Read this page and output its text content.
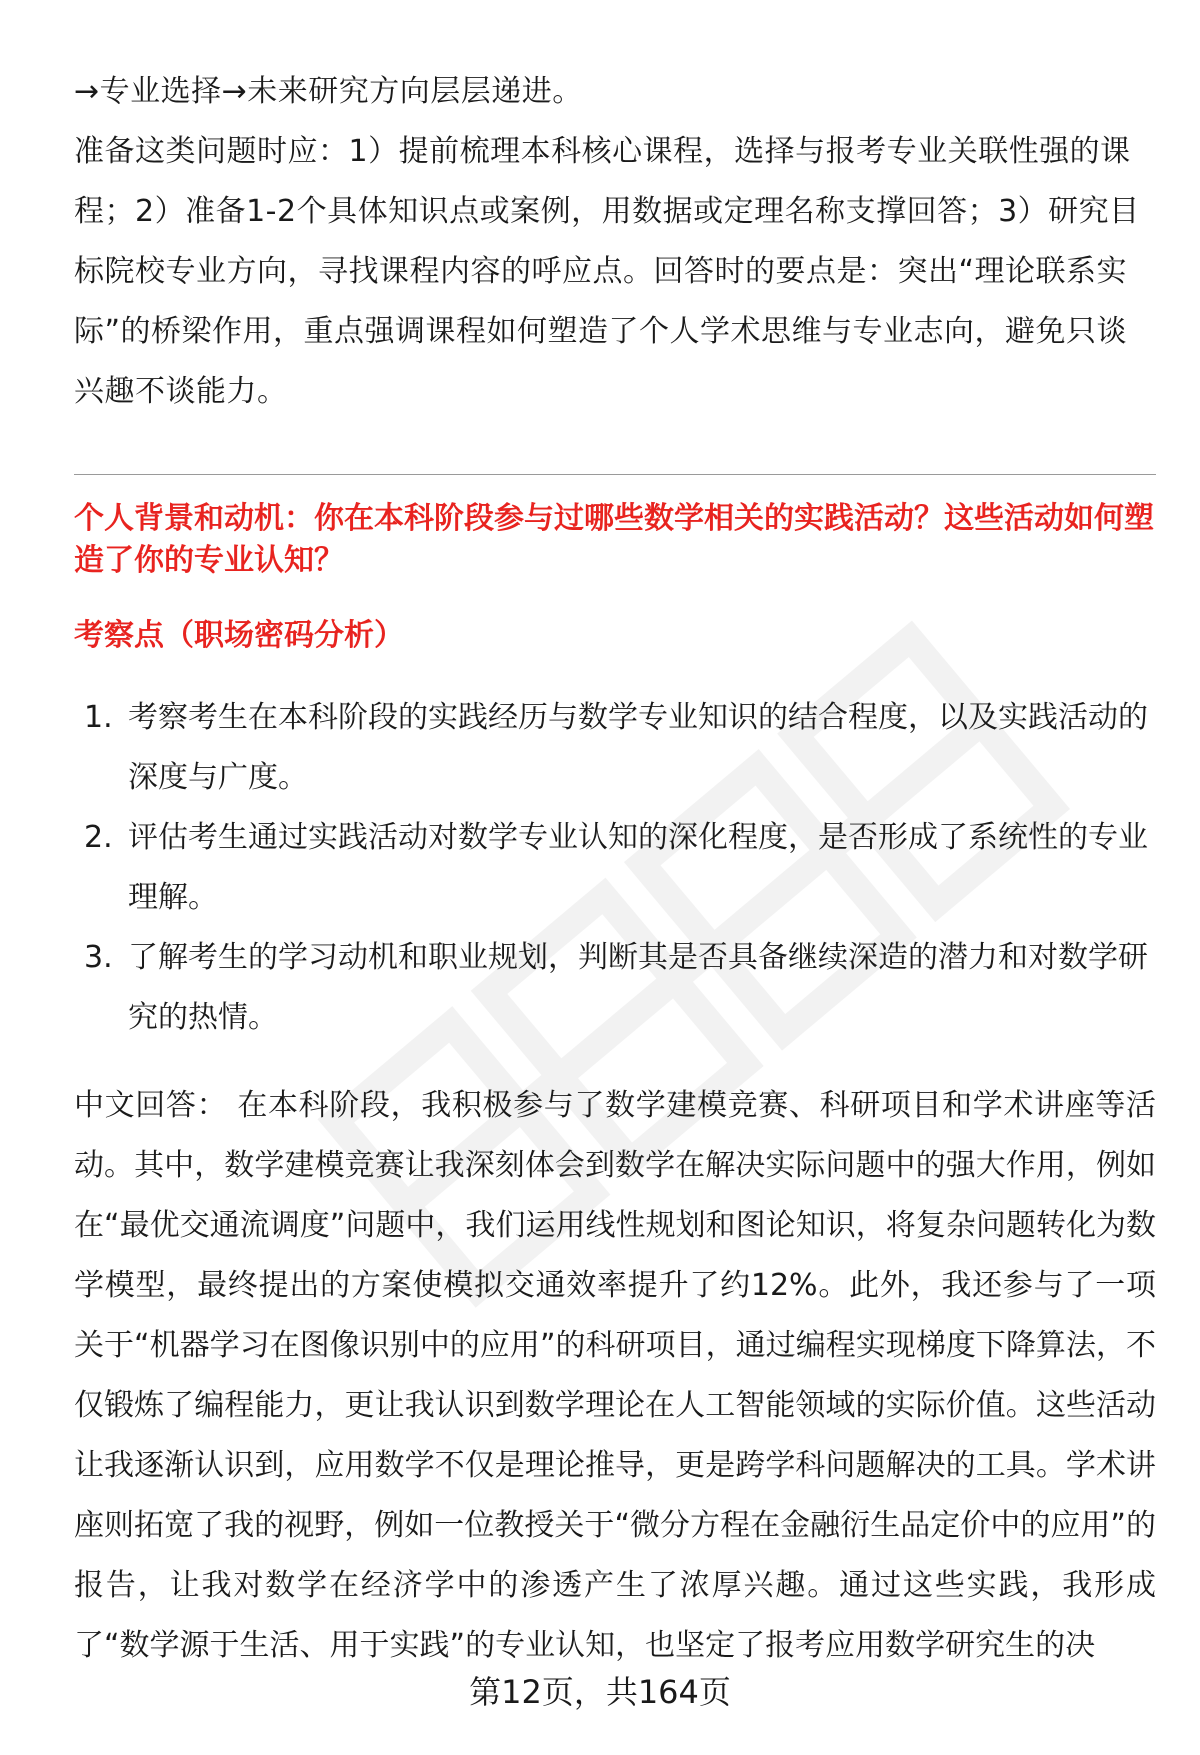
→专业选择→未来研究方向层层递进。

准备这类问题时应：1）提前梳理本科核心课程，选择与报考专业关联性强的课程；2）准备1-2个具体知识点或案例，用数据或定理名称支撑回答；3）研究目标院校专业方向，寻找课程内容的呼应点。回答时的要点是：突出“理论联系实际”的桥梁作用，重点强调课程如何塑造了个人学术思维与专业志向，避免只谈兴趣不谈能力。

个人背景和动机：你在本科阶段参与过哪些数学相关的实践活动？这些活动如何塑造了你的专业认知？
考察点（职场密码分析）
1. 考察考生在本科阶段的实践经历与数学专业知识的结合程度，以及实践活动的深度与广度。
2. 评估考生通过实践活动对数学专业认知的深化程度，是否形成了系统性的专业理解。
3. 了解考生的学习动机和职业规划，判断其是否具备继续深造的潜力和对数学研究的热情。

中文回答： 在本科阶段，我积极参与了数学建模竞赛、科研项目和学术讲座等活动。其中，数学建模竞赛让我深刻体会到数学在解决实际问题中的强大作用，例如在“最优交通流调度”问题中，我们运用线性规划和图论知识，将复杂问题转化为数学模型，最终提出的方案使模拟交通效率提升了约12%。此外，我还参与了一项关于“机器学习在图像识别中的应用”的科研项目，通过编程实现梯度下降算法，不仅锻炼了编程能力，更让我认识到数学理论在人工智能领域的实际价值。这些活动让我逐渐认识到，应用数学不仅是理论推导，更是跨学科问题解决的工具。学术讲座则拓宽了我的视野，例如一位教授关于“微分方程在金融衍生品定价中的应用”的报告，让我对数学在经济学中的渗透产生了浓厚兴趣。通过这些实践，我形成了“数学源于生活、用于实践”的专业认知，也坚定了报考应用数学研究生的决

第12页，共164页
